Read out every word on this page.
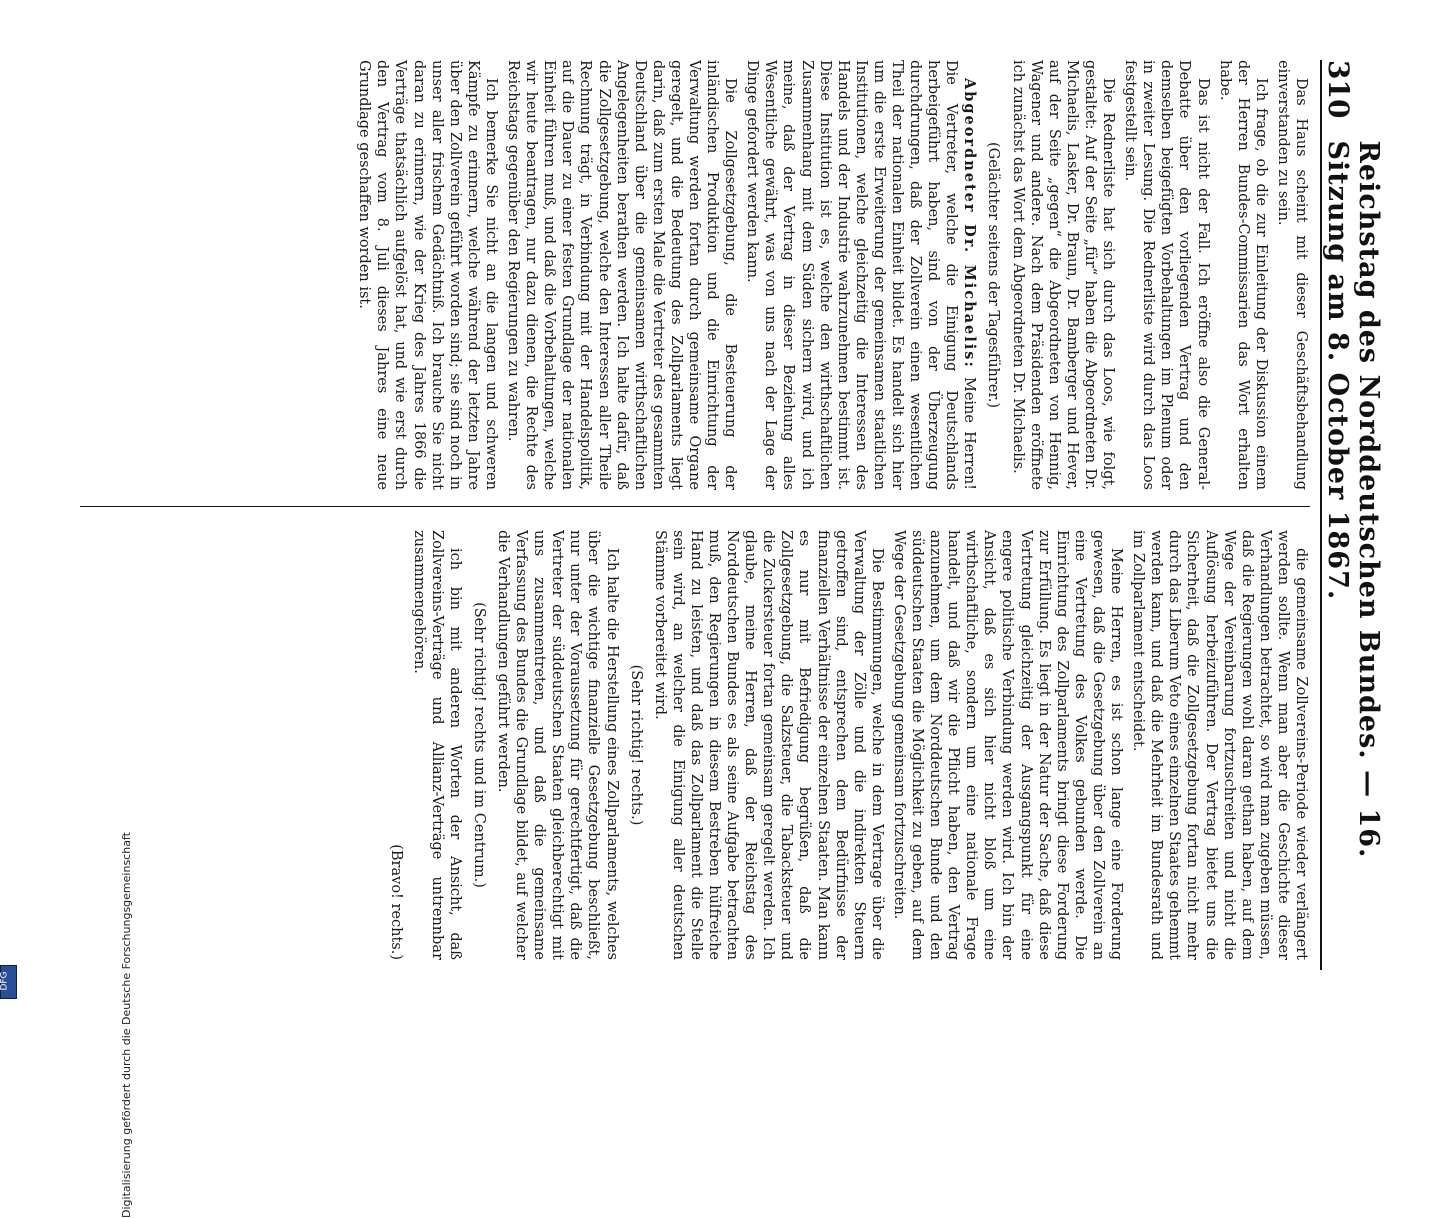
Digitalisierung gefördert durch die Deutsche Forschungsgemeinschaft
DFG
310
Reichstag des Norddeutschen Bundes. — 16. Sitzung am 8. October 1867.

Das Haus scheint mit dieser Geschäftsbehandlung einverstanden zu sein.

Ich frage, ob die zur Einleitung der Diskussion einem der Herren Bundes-Commissarien das Wort erhalten habe.

Das ist nicht der Fall. Ich eröffne also die General-Debatte über den vorliegenden Vertrag und den demselben beigefügten Vorbehaltungen im Plenum oder in zweiter Lesung. Die Rednerliste wird durch das Loos festgestellt sein.

Die Rednerliste hat sich durch das Loos, wie folgt, gestaltet: Auf der Seite „für“ haben die Abgeordneten Dr. Michaelis, Lasker, Dr. Braun, Dr. Bamberger und Hever, auf der Seite „gegen“ die Abgeordneten von Hennig, Wagener und andere. Nach dem Präsidenden eröffnete ich zunächst das Wort dem Abgeordneten Dr. Michaelis.

(Gelächter seitens der Tagesführer.)

Abgeordneter Dr. Michaelis: Meine Herren! Die Vertreter, welche die Einigung Deutschlands herbeigeführt haben, sind von der Überzeugung durchdrungen, daß der Zollverein einen wesentlichen Theil der nationalen Einheit bildet. Es handelt sich hier um die erste Erweiterung der gemeinsamen staatlichen Institutionen, welche gleichzeitig die Interessen des Handels und der Industrie wahrzunehmen bestimmt ist. Diese Institution ist es, welche den wirthschaftlichen Zusammenhang mit dem Süden sichern wird, und ich meine, daß der Vertrag in dieser Beziehung alles Wesentliche gewährt, was von uns nach der Lage der Dinge gefordert werden kann.

Die Zollgesetzgebung, die Besteuerung der inländischen Produktion und die Einrichtung der Verwaltung werden fortan durch gemeinsame Organe geregelt, und die Bedeutung des Zollparlaments liegt darin, daß zum ersten Male die Vertreter des gesammten Deutschland über die gemeinsamen wirthschaftlichen Angelegenheiten berathen werden. Ich halte dafür, daß die Zollgesetzgebung, welche den Interessen aller Theile Rechnung trägt, in Verbindung mit der Handelspolitik, auf die Dauer zu einer festen Grundlage der nationalen Einheit führen muß, und daß die Vorbehaltungen, welche wir heute beantragen, nur dazu dienen, die Rechte des Reichstags gegenüber den Regierungen zu wahren.

Ich bemerke Sie nicht an die langen und schweren Kämpfe zu erinnern, welche während der letzten Jahre über den Zollverein geführt worden sind; sie sind noch in unser aller frischem Gedächtniß. Ich brauche Sie nicht daran zu erinnern, wie der Krieg des Jahres 1866 die Verträge thatsächlich aufgelöst hat, und wie erst durch den Vertrag vom 8. Juli dieses Jahres eine neue Grundlage geschaffen worden ist.

die gemeinsame Zollvereins-Periode wieder verlängert werden sollte. Wenn man aber die Geschichte dieser Verhandlungen betrachtet, so wird man zugeben müssen, daß die Regierungen wohl daran gethan haben, auf dem Wege der Vereinbarung fortzuschreiten und nicht die Auflösung herbeizuführen. Der Vertrag bietet uns die Sicherheit, daß die Zollgesetzgebung fortan nicht mehr durch das Liberum Veto eines einzelnen Staates gehemmt werden kann, und daß die Mehrheit im Bundesrath und im Zollparlament entscheidet.

Meine Herren, es ist schon lange eine Forderung gewesen, daß die Gesetzgebung über den Zollverein an eine Vertretung des Volkes gebunden werde. Die Einrichtung des Zollparlaments bringt diese Forderung zur Erfüllung. Es liegt in der Natur der Sache, daß diese Vertretung gleichzeitig der Ausgangspunkt für eine engere politische Verbindung werden wird. Ich bin der Ansicht, daß es sich hier nicht bloß um eine wirthschaftliche, sondern um eine nationale Frage handelt, und daß wir die Pflicht haben, den Vertrag anzunehmen, um dem Norddeutschen Bunde und den süddeutschen Staaten die Möglichkeit zu geben, auf dem Wege der Gesetzgebung gemeinsam fortzuschreiten.

Die Bestimmungen, welche in dem Vertrage über die Verwaltung der Zölle und die indirekten Steuern getroffen sind, entsprechen dem Bedürfnisse der finanziellen Verhältnisse der einzelnen Staaten. Man kann es nur mit Befriedigung begrüßen, daß die Zollgesetzgebung, die Salzsteuer, die Tabacksteuer und die Zuckersteuer fortan gemeinsam geregelt werden. Ich glaube, meine Herren, daß der Reichstag des Norddeutschen Bundes es als seine Aufgabe betrachten muß, den Regierungen in diesem Bestreben hülfreiche Hand zu leisten, und daß das Zollparlament die Stelle sein wird, an welcher die Einigung aller deutschen Stämme vorbereitet wird.

(Sehr richtig! rechts.)

Ich halte die Herstellung eines Zollparlaments, welches über die wichtige finanzielle Gesetzgebung beschließt, nur unter der Voraussetzung für gerechtfertigt, daß die Vertreter der süddeutschen Staaten gleichberechtigt mit uns zusammentreten, und daß die gemeinsame Verfassung des Bundes die Grundlage bildet, auf welcher die Verhandlungen geführt werden.

(Sehr richtig! rechts und im Centrum.)

ich bin mit anderen Worten der Ansicht, daß Zollvereins-Verträge und Allianz-Verträge untrennbar zusammengehören.

(Bravo! rechts.)
